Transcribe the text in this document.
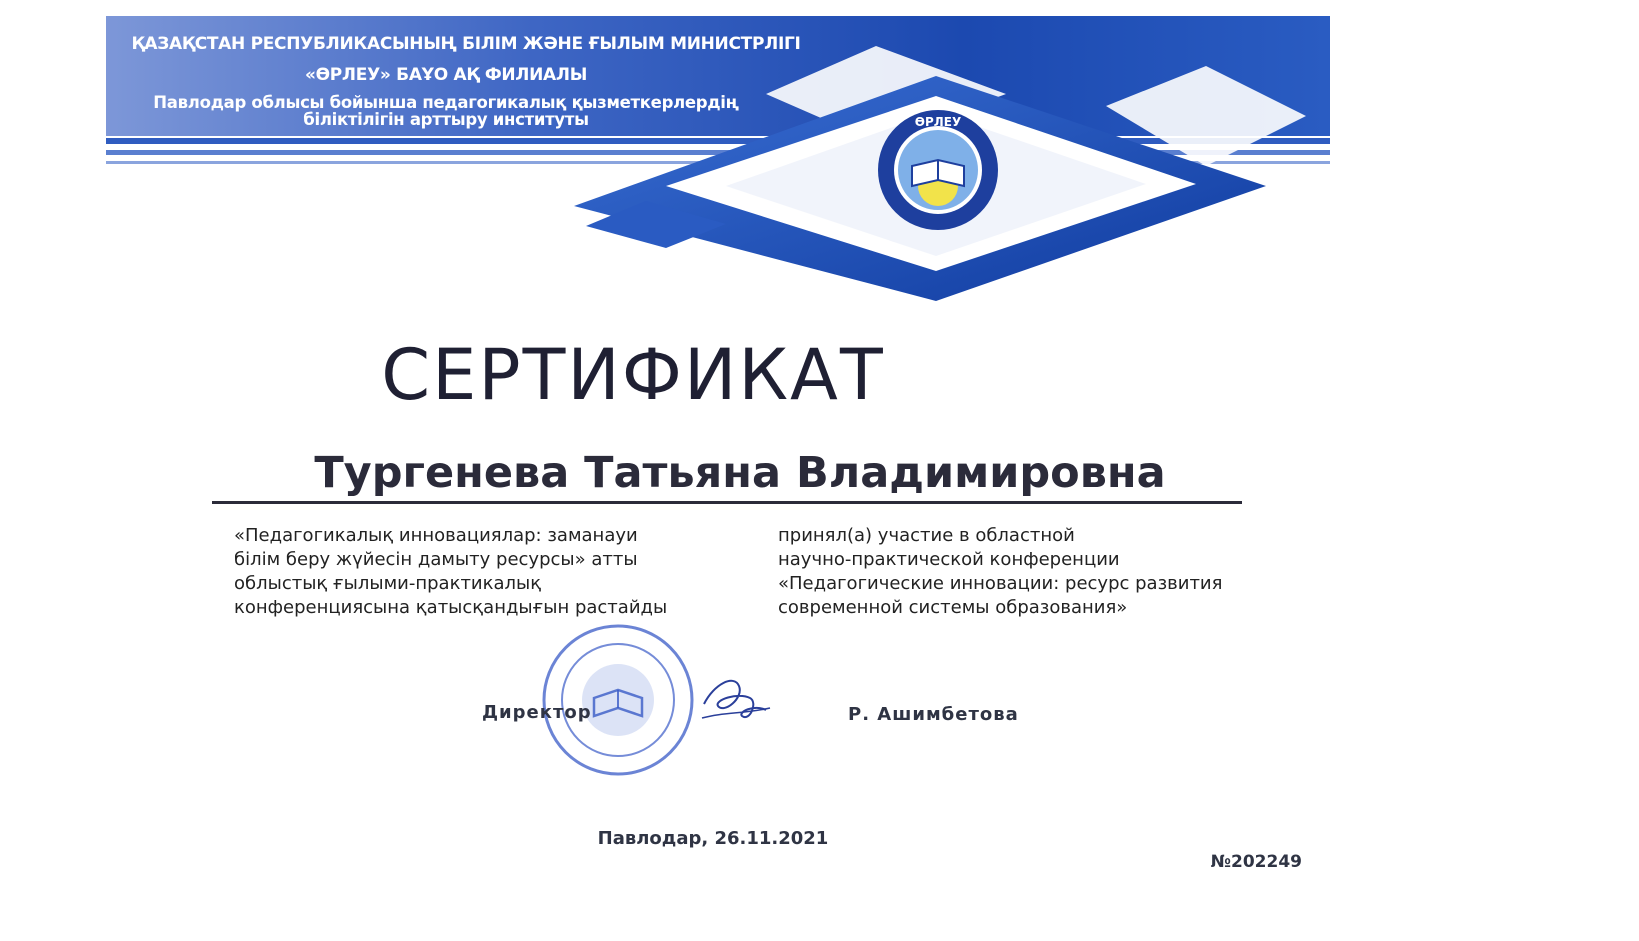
ҚАЗАҚСТАН РЕСПУБЛИКАСЫНЫҢ БІЛІМ ЖӘНЕ ҒЫЛЫМ МИНИСТРЛІГІ
«ӨРЛЕУ» БАҰО АҚ ФИЛИАЛЫ
Павлодар облысы бойынша педагогикалық қызметкерлердің
біліктілігін арттыру институты	ӨРЛЕУ
СЕРТИФИКАТ
Тургенева Татьяна Владимировна
«Педагогикалық инновациялар: заманауи
білім беру жүйесін дамыту ресурсы» атты
облыстық ғылыми-практикалық
конференциясына қатысқандығын растайды
принял(а) участие в областной
научно-практической конференции
«Педагогические инновации: ресурс развития
современной системы образования»
Директор	Р. Ашимбетова
Павлодар, 26.11.2021
№202249
